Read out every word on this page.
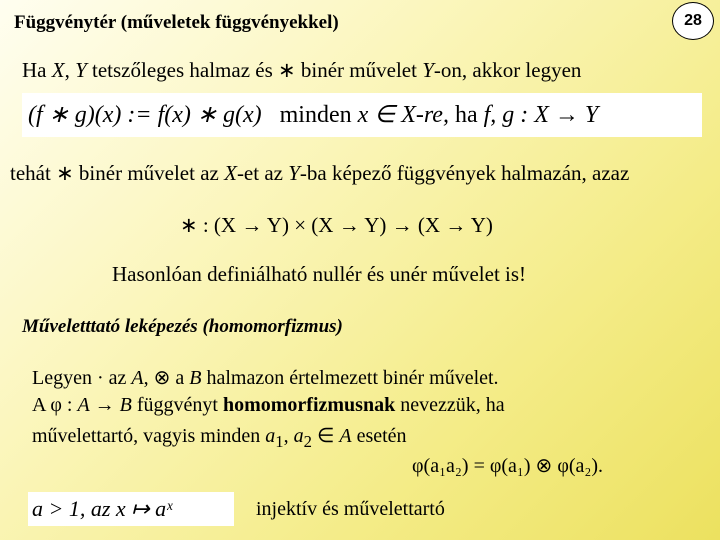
Függvénytér (műveletek függvényekkel)	28
Ha X, Y tetszőleges halmaz és ∗ binér művelet Y-on, akkor legyen
(f ∗ g)(x) := f(x) ∗ g(x) minden x ∈ X-re, ha f, g : X → Y
tehát ∗ binér művelet az X-et az Y-ba képező függvények halmazán, azaz
∗ : (X → Y) × (X → Y) → (X → Y)
Hasonlóan definiálható nullér és unér művelet is!
Műveletttató leképezés (homomorfizmus)
Legyen · az A, ⊗ a B halmazon értelmezett binér művelet.
A φ : A → B függvényt homomorfizmusnak nevezzük, ha
művelettartó, vagyis minden $a_1$, $a_2$ ∈ A esetén
φ(a₁a₂) = φ(a₁) ⊗ φ(a₂).
a > 1, az x ↦ aˣ	injektív és művelettartó
